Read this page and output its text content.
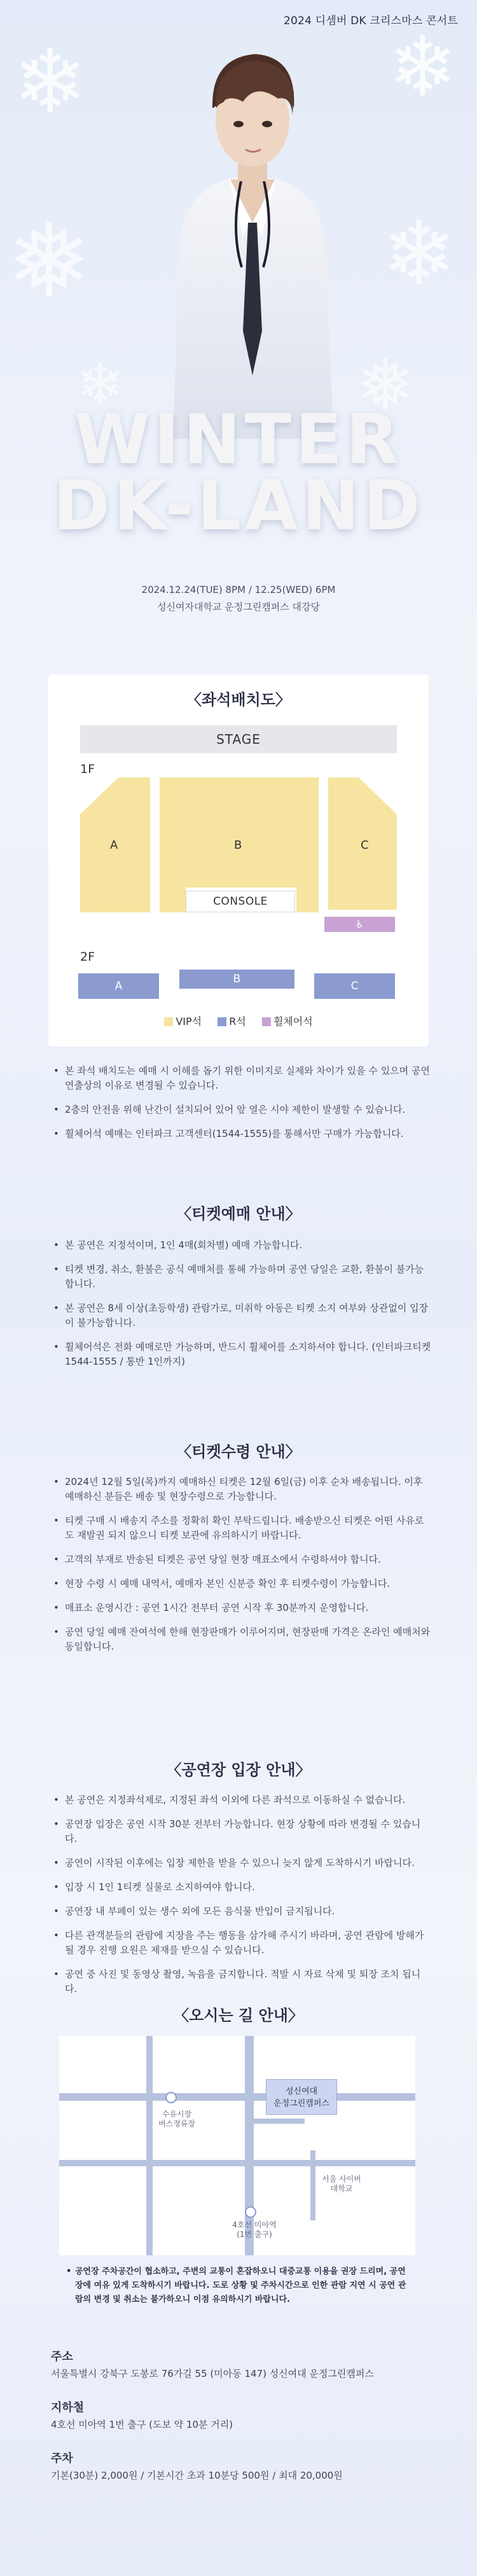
2024 디셈버 DK 크리스마스 콘서트
❄	❄
❅	❄
❅
❄
WINTER
DK-LAND
2024.12.24(TUE) 8PM / 12.25(WED) 6PM
성신여자대학교 운정그린캠퍼스 대강당
〈좌석배치도〉
STAGE
1F
A	B	C
CONSOLE
♿
2F
A
B
C
VIP석	R석	휠체어석
• 본 좌석 배치도는 예매 시 이해를 돕기 위한 이미지로 실제와 차이가 있을 수 있으며 공연 연출상의 이유로 변경될 수 있습니다.
• 2층의 안전을 위해 난간이 설치되어 있어 앞 열은 시야 제한이 발생할 수 있습니다.
• 휠체어석 예매는 인터파크 고객센터(1544-1555)를 통해서만 구매가 가능합니다.
〈티켓예매 안내〉
• 본 공연은 지정석이며, 1인 4매(회차별) 예매 가능합니다.
• 티켓 변경, 취소, 환불은 공식 예매처를 통해 가능하며 공연 당일은 교환, 환불이 불가능합니다.
• 본 공연은 8세 이상(초등학생) 관람가로, 미취학 아동은 티켓 소지 여부와 상관없이 입장이 불가능합니다.
• 휠체어석은 전화 예매로만 가능하며, 반드시 휠체어를 소지하셔야 합니다. (인터파크티켓 1544-1555 / 통반 1인까지)
〈티켓수령 안내〉
• 2024년 12월 5일(목)까지 예매하신 티켓은 12월 6일(금) 이후 순차 배송됩니다. 이후 예매하신 분들은 배송 및 현장수령으로 가능합니다.
• 티켓 구매 시 배송지 주소를 정확히 확인 부탁드립니다. 배송받으신 티켓은 어떤 사유로도 재발권 되지 않으니 티켓 보관에 유의하시기 바랍니다.
• 고객의 부재로 반송된 티켓은 공연 당일 현장 매표소에서 수령하셔야 합니다.
• 현장 수령 시 예매 내역서, 예매자 본인 신분증 확인 후 티켓수령이 가능합니다.
• 매표소 운영시간 : 공연 1시간 전부터 공연 시작 후 30분까지 운영합니다.
• 공연 당일 예매 잔여석에 한해 현장판매가 이루어지며, 현장판매 가격은 온라인 예매처와 동일합니다.
〈공연장 입장 안내〉
• 본 공연은 지정좌석제로, 지정된 좌석 이외에 다른 좌석으로 이동하실 수 없습니다.
• 공연장 입장은 공연 시작 30분 전부터 가능합니다. 현장 상황에 따라 변경될 수 있습니다.
• 공연이 시작된 이후에는 입장 제한을 받을 수 있으니 늦지 않게 도착하시기 바랍니다.
• 입장 시 1인 1티켓 실물로 소지하여야 합니다.
• 공연장 내 부페이 있는 생수 외에 모든 음식물 반입이 금지됩니다.
• 다른 관객분들의 관람에 지장을 주는 행동을 삼가해 주시기 바라며, 공연 관람에 방해가 될 경우 진행 요원은 제재를 받으실 수 있습니다.
• 공연 중 사진 및 동영상 촬영, 녹음을 금지합니다. 적발 시 자료 삭제 및 퇴장 조치 됩니다.
〈오시는 길 안내〉
수유시장
버스정류장
성신여대
운정그린캠퍼스
서울 사이버
대학교
4호선 미아역
(1번 출구)
• 공연장 주차공간이 협소하고, 주변의 교통이 혼잡하오니 대중교통 이용을 권장 드리며, 공연장에 여유 있게 도착하시기 바랍니다. 도로 상황 및 주차시간으로 인한 관람 지연 시 공연 관람의 변경 및 취소는 불가하오니 이점 유의하시기 바랍니다.
주소
서울특별시 강북구 도봉로 76가길 55 (미아동 147) 성신여대 운정그린캠퍼스
지하철
4호선 미아역 1번 출구 (도보 약 10분 거리)
주차
기본(30분) 2,000원 / 기본시간 초과 10분당 500원 / 최대 20,000원
